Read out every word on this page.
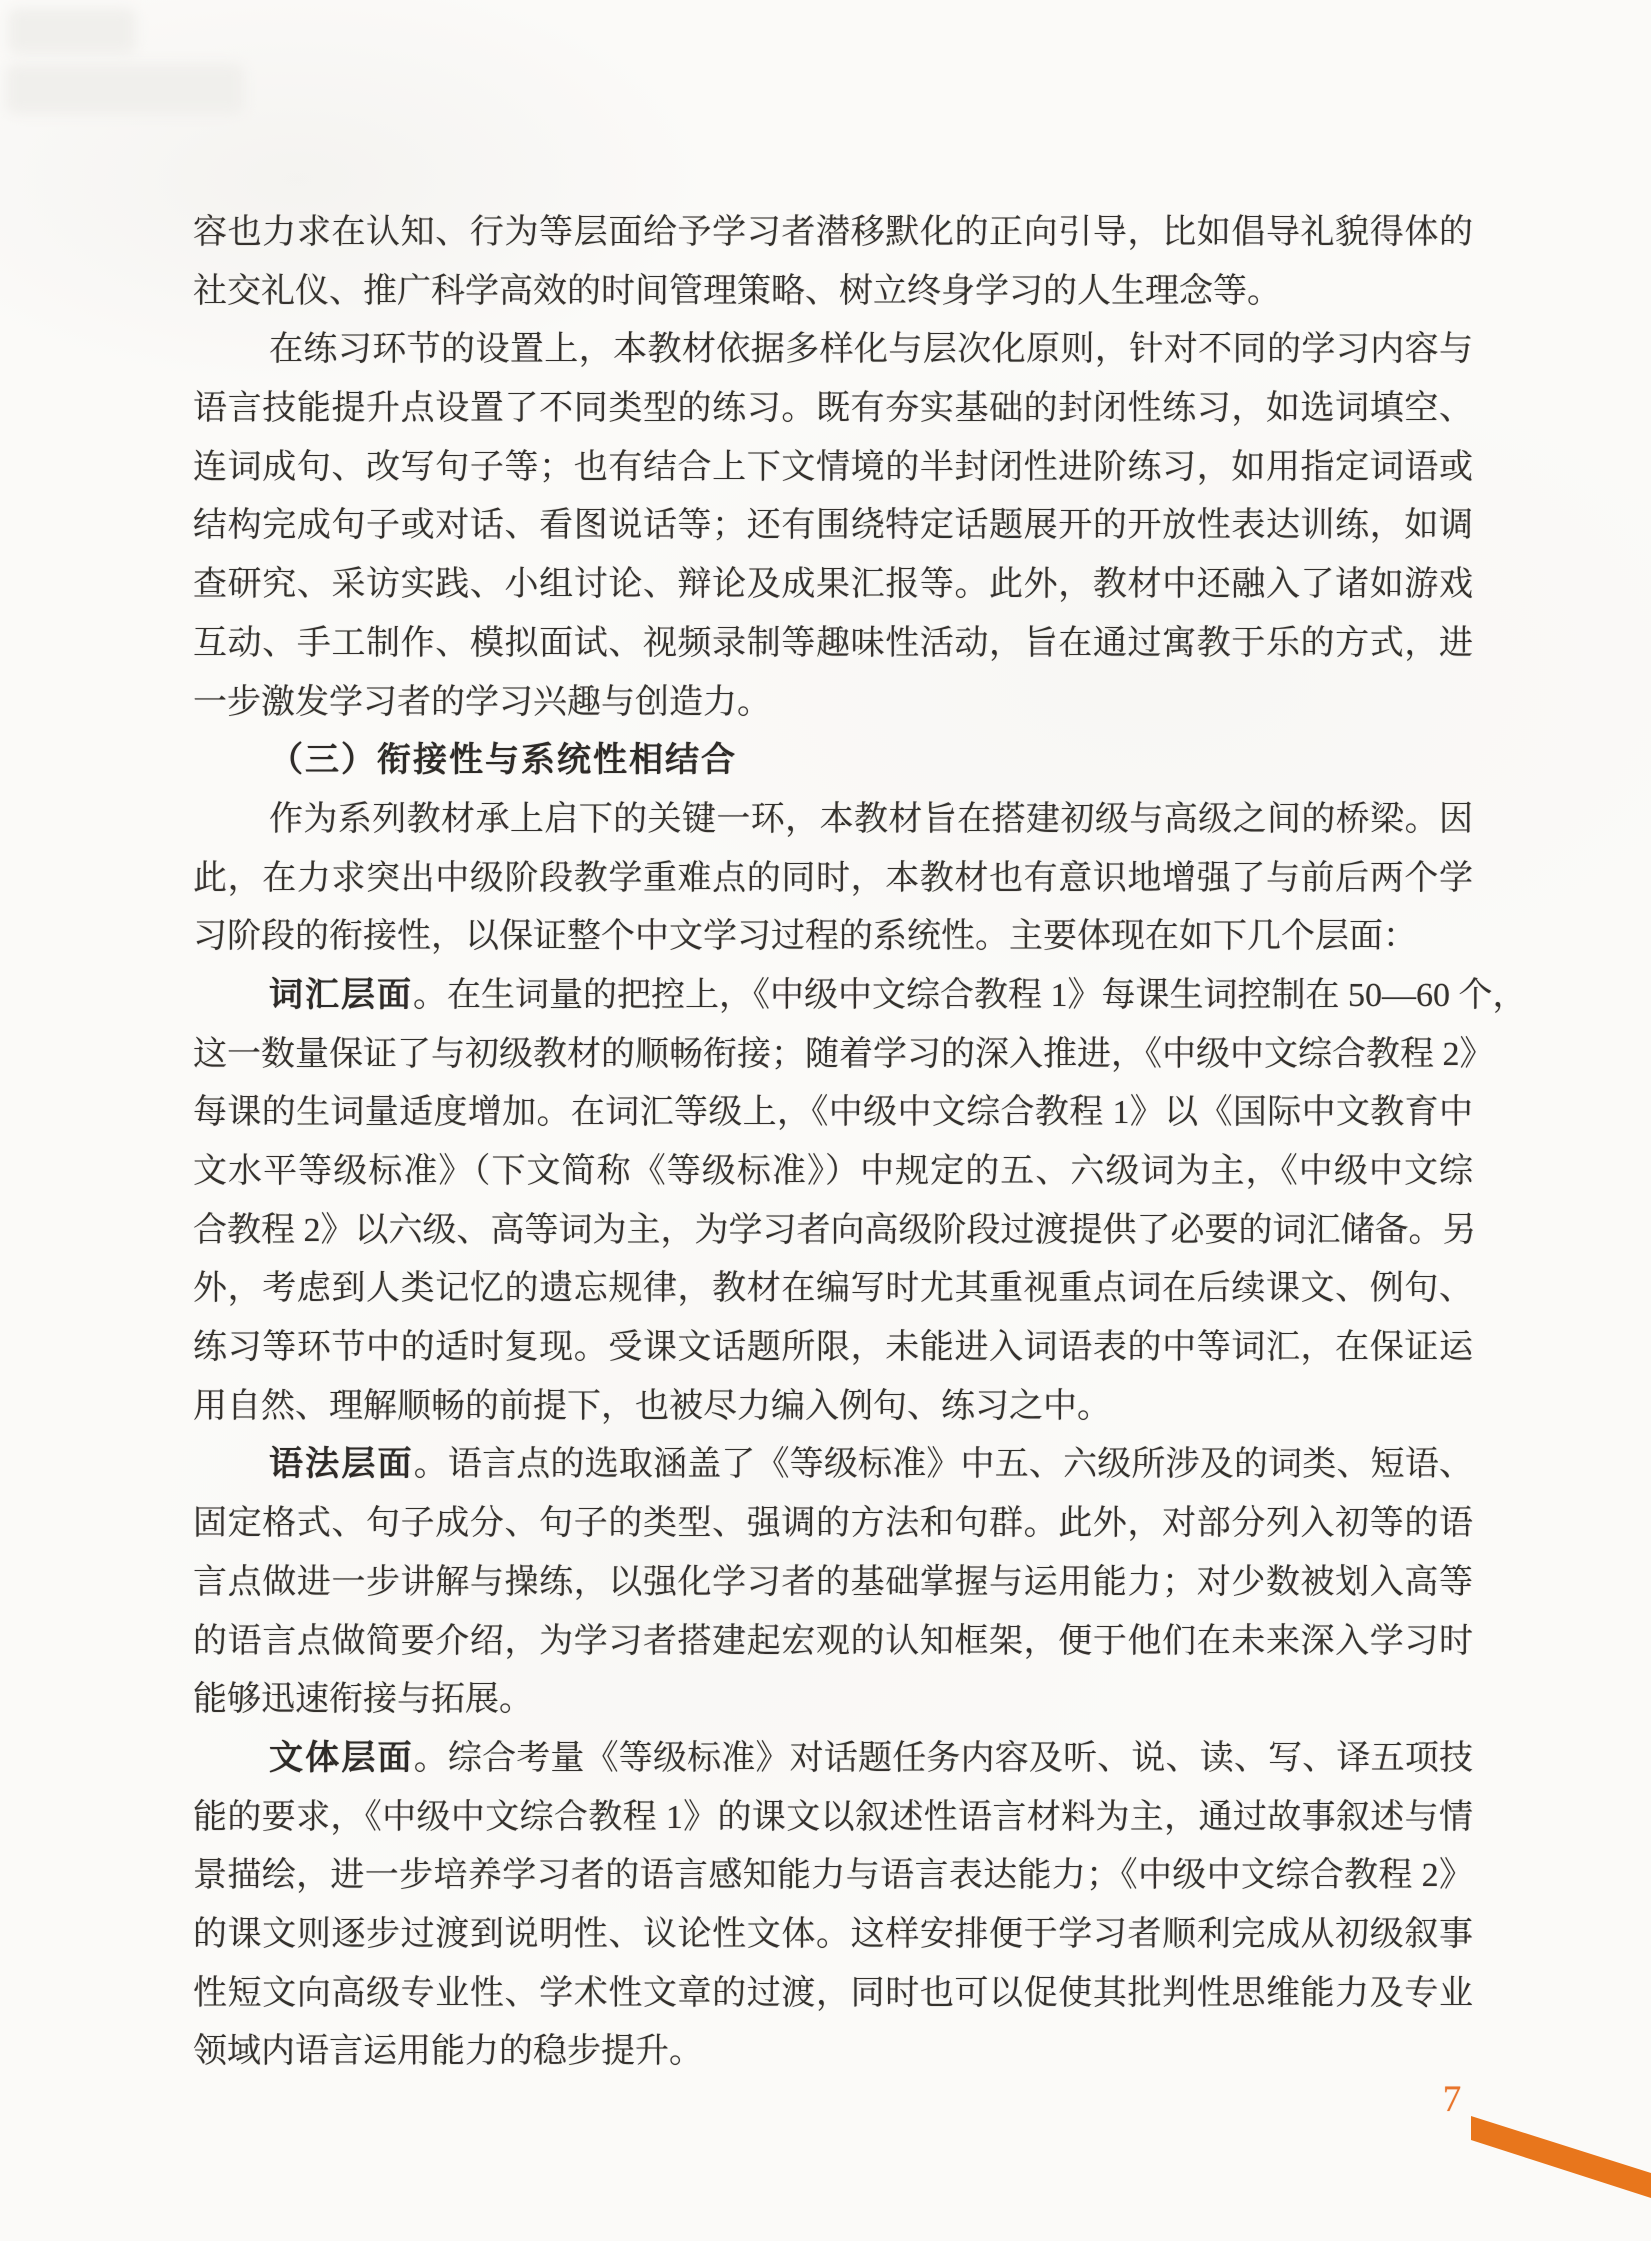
容也力求在认知、行为等层面给予学习者潜移默化的正向引导，比如倡导礼貌得体的
社交礼仪、推广科学高效的时间管理策略、树立终身学习的人生理念等。
在练习环节的设置上，本教材依据多样化与层次化原则，针对不同的学习内容与
语言技能提升点设置了不同类型的练习。既有夯实基础的封闭性练习，如选词填空、
连词成句、改写句子等；也有结合上下文情境的半封闭性进阶练习，如用指定词语或
结构完成句子或对话、看图说话等；还有围绕特定话题展开的开放性表达训练，如调
查研究、采访实践、小组讨论、辩论及成果汇报等。此外，教材中还融入了诸如游戏
互动、手工制作、模拟面试、视频录制等趣味性活动，旨在通过寓教于乐的方式，进
一步激发学习者的学习兴趣与创造力。
（三）衔接性与系统性相结合
作为系列教材承上启下的关键一环，本教材旨在搭建初级与高级之间的桥梁。因
此，在力求突出中级阶段教学重难点的同时，本教材也有意识地增强了与前后两个学
习阶段的衔接性，以保证整个中文学习过程的系统性。主要体现在如下几个层面：
词汇层面。在生词量的把控上，《中级中文综合教程 1》每课生词控制在 50—60 个，
这一数量保证了与初级教材的顺畅衔接；随着学习的深入推进，《中级中文综合教程 2》
每课的生词量适度增加。在词汇等级上，《中级中文综合教程 1》以《国际中文教育中
文水平等级标准》（下文简称《等级标准》）中规定的五、六级词为主，《中级中文综
合教程 2》以六级、高等词为主，为学习者向高级阶段过渡提供了必要的词汇储备。另
外，考虑到人类记忆的遗忘规律，教材在编写时尤其重视重点词在后续课文、例句、
练习等环节中的适时复现。受课文话题所限，未能进入词语表的中等词汇，在保证运
用自然、理解顺畅的前提下，也被尽力编入例句、练习之中。
语法层面。语言点的选取涵盖了《等级标准》中五、六级所涉及的词类、短语、
固定格式、句子成分、句子的类型、强调的方法和句群。此外，对部分列入初等的语
言点做进一步讲解与操练，以强化学习者的基础掌握与运用能力；对少数被划入高等
的语言点做简要介绍，为学习者搭建起宏观的认知框架，便于他们在未来深入学习时
能够迅速衔接与拓展。
文体层面。综合考量《等级标准》对话题任务内容及听、说、读、写、译五项技
能的要求，《中级中文综合教程 1》的课文以叙述性语言材料为主，通过故事叙述与情
景描绘，进一步培养学习者的语言感知能力与语言表达能力；《中级中文综合教程 2》
的课文则逐步过渡到说明性、议论性文体。这样安排便于学习者顺利完成从初级叙事
性短文向高级专业性、学术性文章的过渡，同时也可以促使其批判性思维能力及专业
领域内语言运用能力的稳步提升。
7
